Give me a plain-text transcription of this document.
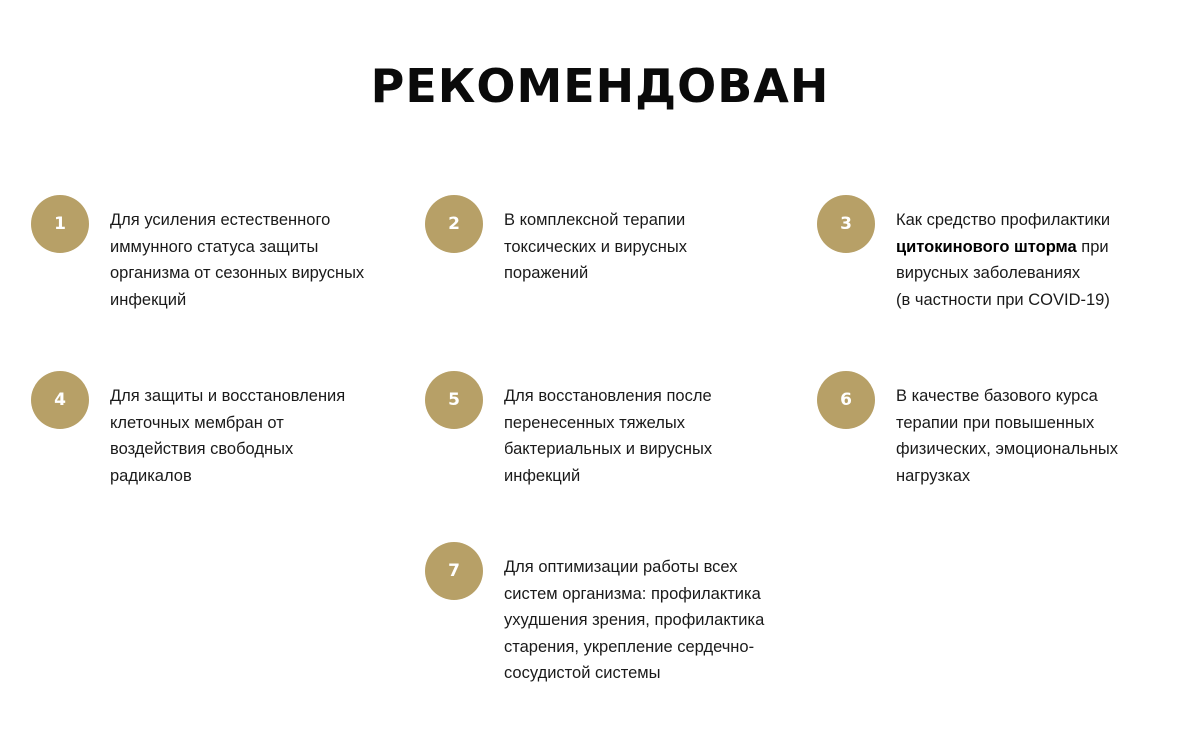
РЕКОМЕНДОВАН
1	Для усиления естественного
иммунного статуса защиты
организма от сезонных вирусных
инфекций

2	В комплексной терапии
токсических и вирусных
поражений

3	Как средство профилактики
цитокинового шторма при
вирусных заболеваниях
(в частности при COVID-19)

4	Для защиты и восстановления
клеточных мембран от
воздействия свободных
радикалов

5	Для восстановления после
перенесенных тяжелых
бактериальных и вирусных
инфекций

6	В качестве базового курса
терапии при повышенных
физических, эмоциональных
нагрузках

7	Для оптимизации работы всех
систем организма: профилактика
ухудшения зрения, профилактика
старения, укрепление сердечно-
сосудистой системы
